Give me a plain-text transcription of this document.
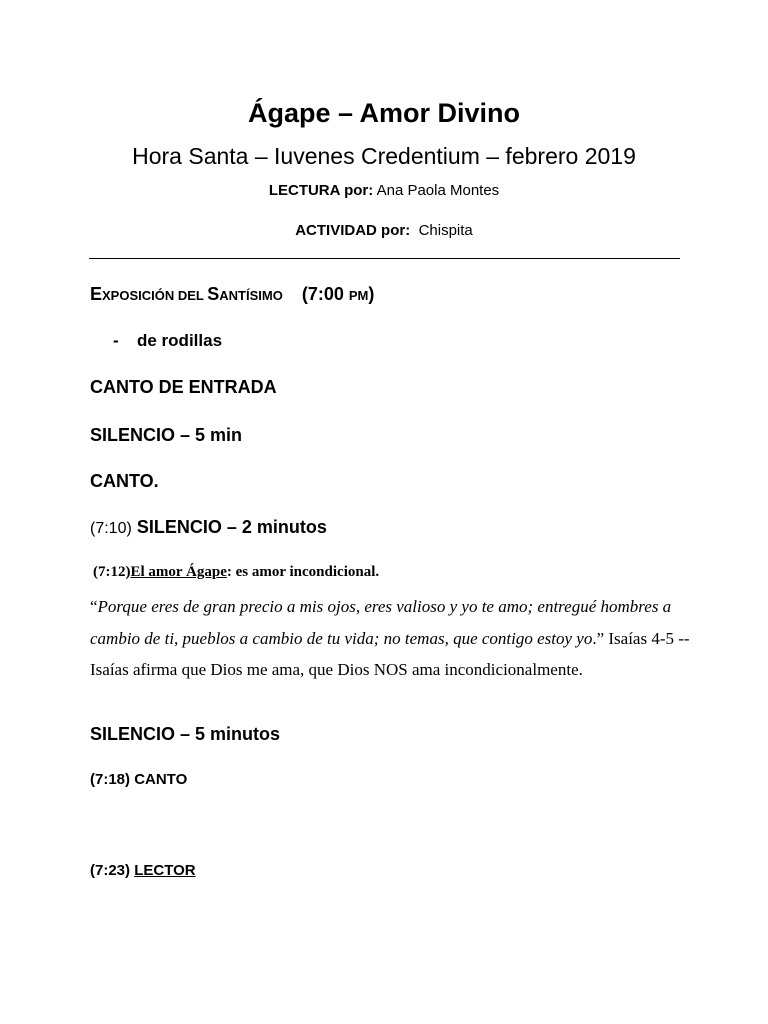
Ágape – Amor Divino
Hora Santa – Iuvenes Credentium – febrero 2019
LECTURA por: Ana Paola Montes
ACTIVIDAD por: Chispita
EXPOSICIÓN DEL SANTÍSIMO (7:00 PM)
- de rodillas
CANTO DE ENTRADA
SILENCIO – 5 min
CANTO.
(7:10) SILENCIO – 2 minutos
(7:12)El amor Ágape: es amor incondicional.
“Porque eres de gran precio a mis ojos, eres valioso y yo te amo; entregué hombres a cambio de ti, pueblos a cambio de tu vida; no temas, que contigo estoy yo.” Isaías 4-5 --Isaías afirma que Dios me ama, que Dios NOS ama incondicionalmente.
SILENCIO – 5 minutos
(7:18) CANTO
(7:23) LECTOR
